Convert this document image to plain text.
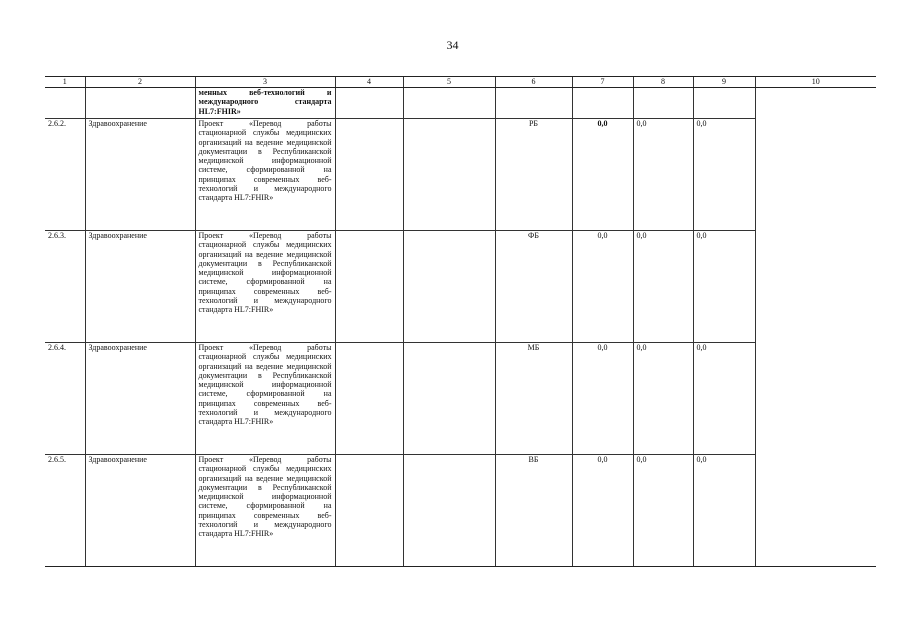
34
1	2	3	4	5	6	7	8	9	10
		менных веб-технологий и международного стандарта HL7:FHIR»							
2.6.2.	Здравоохранение	Проект «Перевод работы стационарной службы медицинских организаций на ведение медицинской документации в Республиканской медицинской информационной системе, сформированной на принципах современных веб-технологий и международного стандарта HL7:FHIR»			РБ	0,0	0,0	0,0	
2.6.3.	Здравоохранение	Проект «Перевод работы стационарной службы медицинских организаций на ведение медицинской документации в Республиканской медицинской информационной системе, сформированной на принципах современных веб-технологий и международного стандарта HL7:FHIR»			ФБ	0,0	0,0	0,0	
2.6.4.	Здравоохранение	Проект «Перевод работы стационарной службы медицинских организаций на ведение медицинской документации в Республиканской медицинской информационной системе, сформированной на принципах современных веб-технологий и международного стандарта HL7:FHIR»			МБ	0,0	0,0	0,0	
2.6.5.	Здравоохранение	Проект «Перевод работы стационарной службы медицинских организаций на ведение медицинской документации в Республиканской медицинской информационной системе, сформированной на принципах современных веб-технологий и международного стандарта HL7:FHIR»			ВБ	0,0	0,0	0,0	
